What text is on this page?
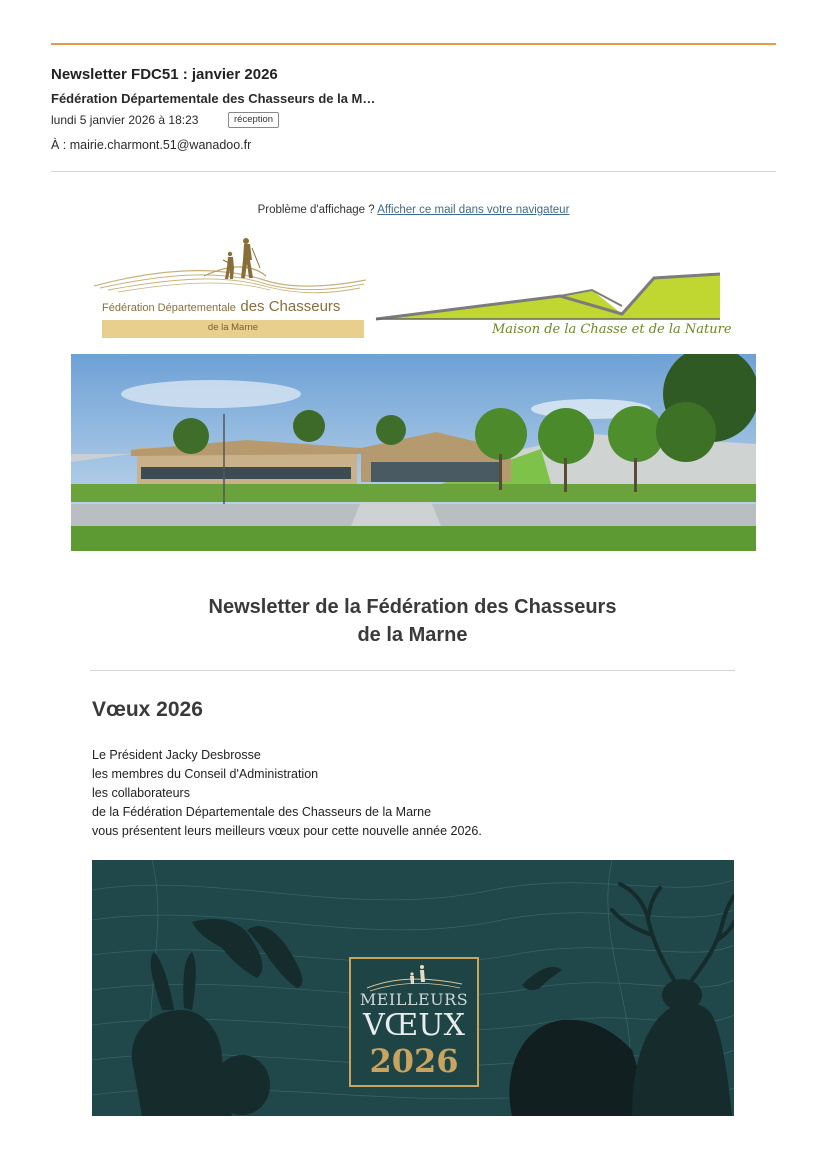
Newsletter FDC51 : janvier 2026
Fédération Départementale des Chasseurs de la M…
lundi 5 janvier 2026 à 18:23	réception
À : mairie.charmont.51@wanadoo.fr
Problème d'affichage ? Afficher ce mail dans votre navigateur
Fédération Départementale des Chasseurs
de la Marne	Maison de la Chasse et de la Nature
Newsletter de la Fédération des Chasseurs
de la Marne
Vœux 2026
Le Président Jacky Desbrosse
les membres du Conseil d'Administration
les collaborateurs
de la Fédération Départementale des Chasseurs de la Marne
vous présentent leurs meilleurs vœux pour cette nouvelle année 2026.
MEILLEURS
VŒUX
2026
